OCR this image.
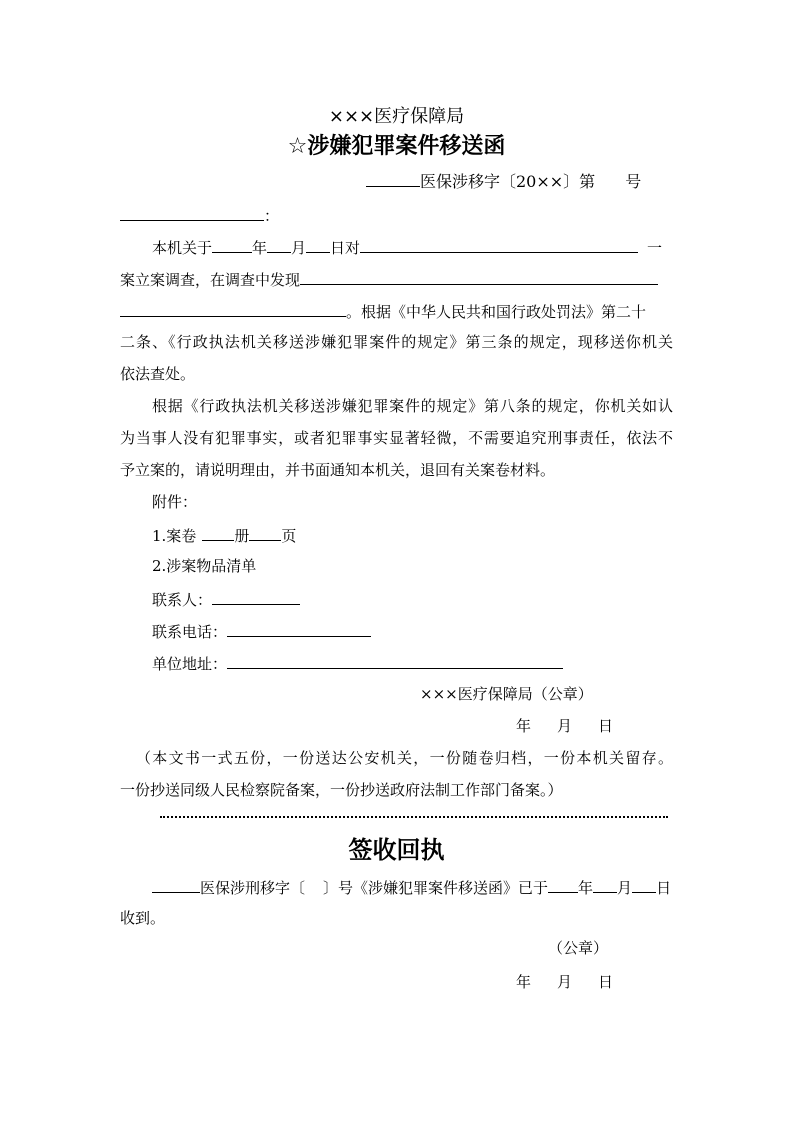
×××医疗保障局
☆涉嫌犯罪案件移送函
医保涉移字〔20××〕第 号
：
本机关于	年 月 日对	一
案立案调查，在调查中发现
。根据《中华人民共和国行政处罚法》第二十
二条、《行政执法机关移送涉嫌犯罪案件的规定》第三条的规定，现移送你机关
依法查处。
根据《行政执法机关移送涉嫌犯罪案件的规定》第八条的规定，你机关如认
为当事人没有犯罪事实，或者犯罪事实显著轻微，不需要追究刑事责任，依法不
予立案的，请说明理由，并书面通知本机关，退回有关案卷材料。
附件：
1.案卷	册 页
2.涉案物品清单
联系人：
联系电话：
单位地址：
×××医疗保障局（公章）
年 月 日
（本文书一式五份，一份送达公安机关，一份随卷归档，一份本机关留存。
一份抄送同级人民检察院备案，一份抄送政府法制工作部门备案。）
签收回执
医保涉刑移字〔 〕号《涉嫌犯罪案件移送函》已于 年 月 日
收到。
（公章）
年 月 日
